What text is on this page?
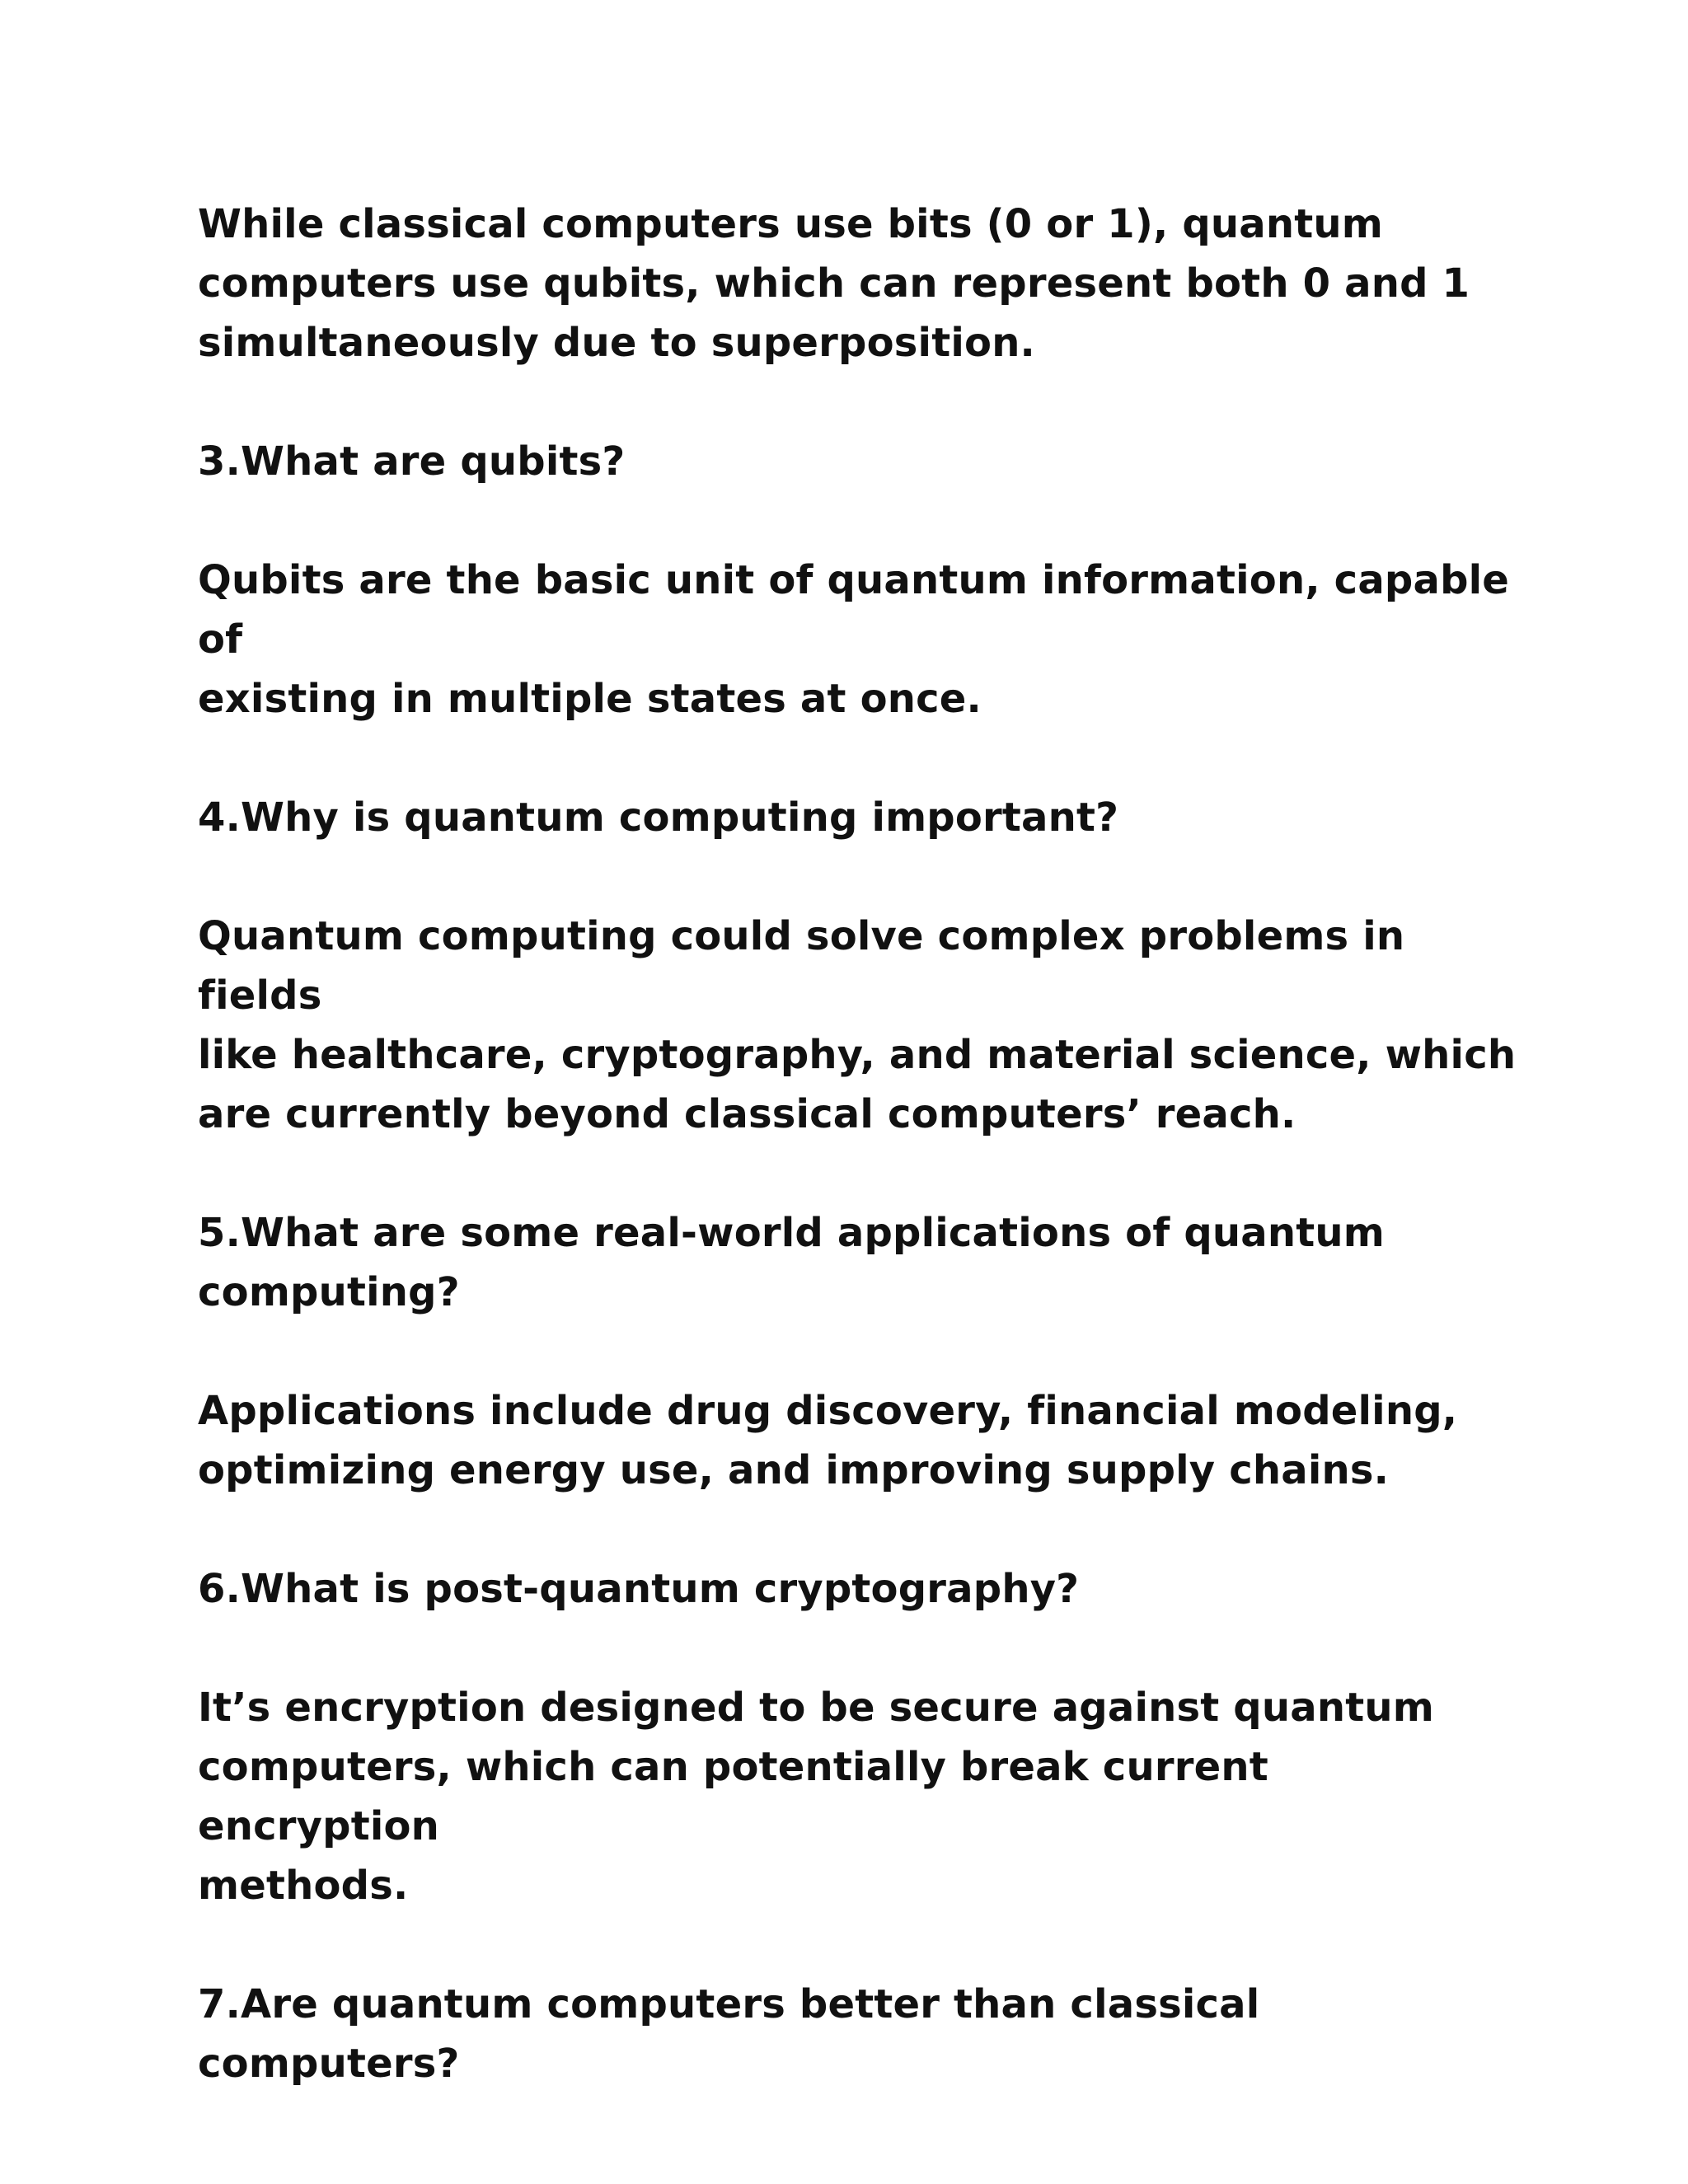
While classical computers use bits (0 or 1), quantum
computers use qubits, which can represent both 0 and 1
simultaneously due to superposition.
3.What are qubits?
Qubits are the basic unit of quantum information, capable of
existing in multiple states at once.
4.Why is quantum computing important?
Quantum computing could solve complex problems in fields
like healthcare, cryptography, and material science, which
are currently beyond classical computers’ reach.
5.What are some real-world applications of quantum
computing?
Applications include drug discovery, financial modeling,
optimizing energy use, and improving supply chains.
6.What is post-quantum cryptography?
It’s encryption designed to be secure against quantum
computers, which can potentially break current encryption
methods.
7.Are quantum computers better than classical computers?
